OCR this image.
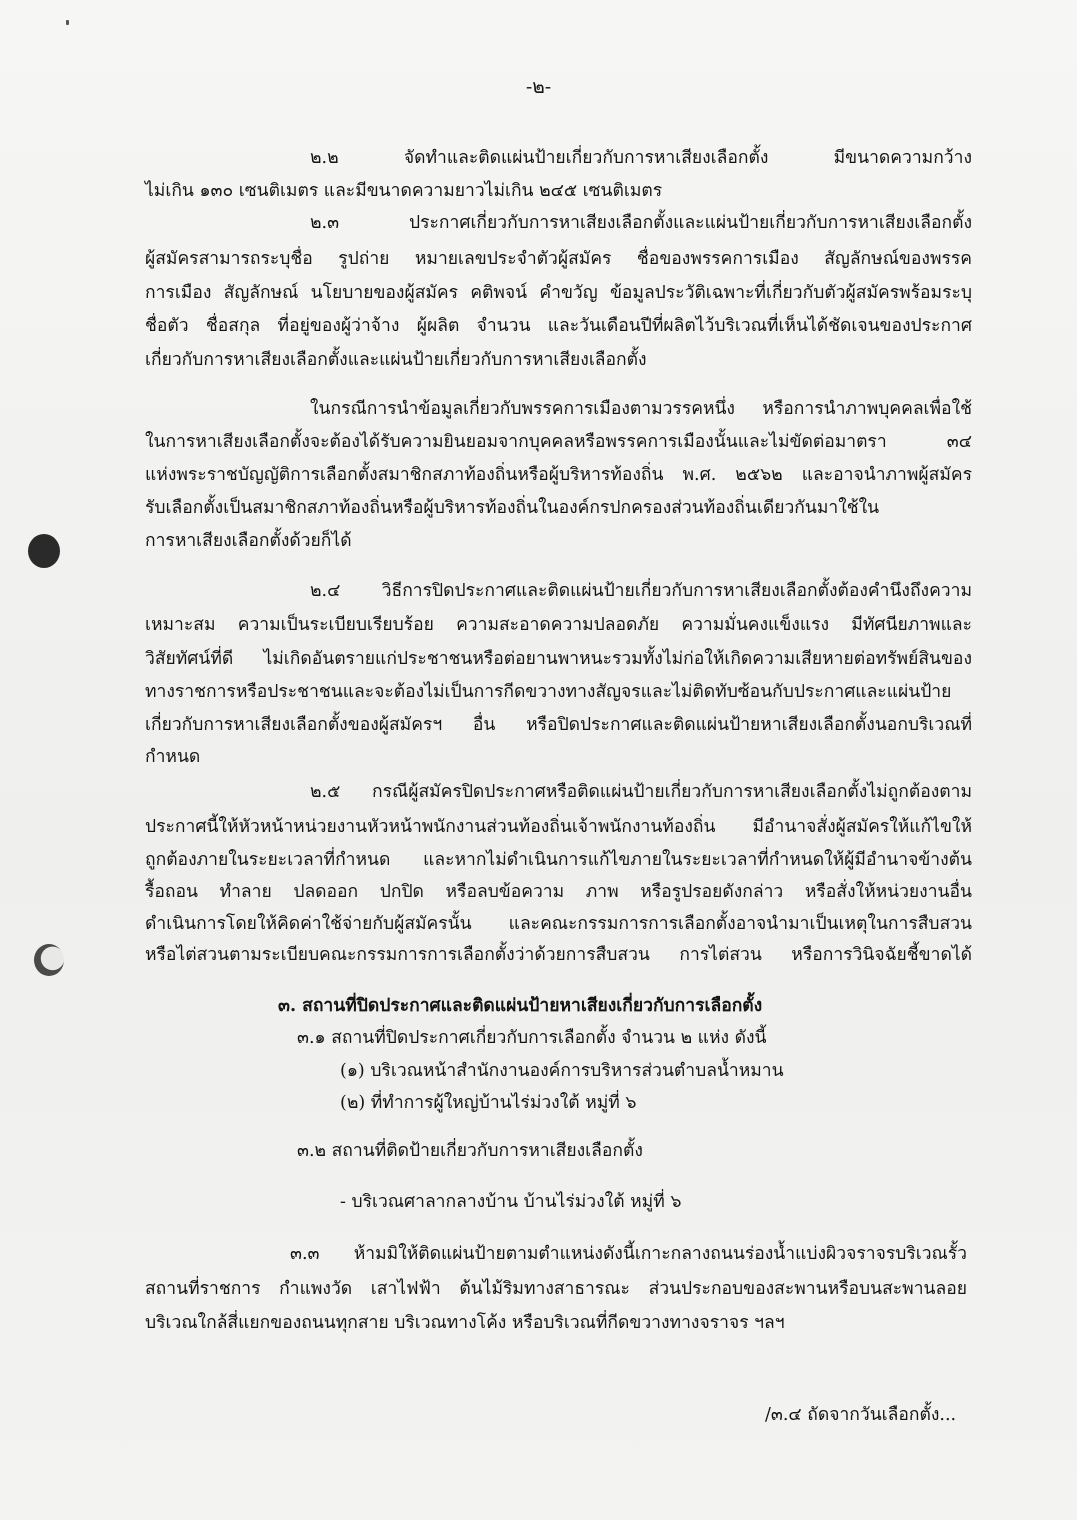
-๒-
๒.๒ จัดทำและติดแผ่นป้ายเกี่ยวกับการหาเสียงเลือกตั้ง มีขนาดความกว้าง
ไม่เกิน ๑๓๐ เซนติเมตร และมีขนาดความยาวไม่เกิน ๒๔๕ เซนติเมตร
๒.๓ ประกาศเกี่ยวกับการหาเสียงเลือกตั้งและแผ่นป้ายเกี่ยวกับการหาเสียงเลือกตั้ง
ผู้สมัครสามารถระบุชื่อ รูปถ่าย หมายเลขประจำตัวผู้สมัคร ชื่อของพรรคการเมือง สัญลักษณ์ของพรรค
การเมือง สัญลักษณ์ นโยบายของผู้สมัคร คติพจน์ คำขวัญ ข้อมูลประวัติเฉพาะที่เกี่ยวกับตัวผู้สมัครพร้อมระบุ
ชื่อตัว ชื่อสกุล ที่อยู่ของผู้ว่าจ้าง ผู้ผลิต จำนวน และวันเดือนปีที่ผลิตไว้บริเวณที่เห็นได้ชัดเจนของประกาศ
เกี่ยวกับการหาเสียงเลือกตั้งและแผ่นป้ายเกี่ยวกับการหาเสียงเลือกตั้ง
ในกรณีการนำข้อมูลเกี่ยวกับพรรคการเมืองตามวรรคหนึ่ง หรือการนำภาพบุคคลเพื่อใช้
ในการหาเสียงเลือกตั้งจะต้องได้รับความยินยอมจากบุคคลหรือพรรคการเมืองนั้นและไม่ขัดต่อมาตรา ๓๔
แห่งพระราชบัญญัติการเลือกตั้งสมาชิกสภาท้องถิ่นหรือผู้บริหารท้องถิ่น พ.ศ. ๒๕๖๒ และอาจนำภาพผู้สมัคร
รับเลือกตั้งเป็นสมาชิกสภาท้องถิ่นหรือผู้บริหารท้องถิ่นในองค์กรปกครองส่วนท้องถิ่นเดียวกันมาใช้ใน
การหาเสียงเลือกตั้งด้วยก็ได้
๒.๔ วิธีการปิดประกาศและติดแผ่นป้ายเกี่ยวกับการหาเสียงเลือกตั้งต้องคำนึงถึงความ
เหมาะสม ความเป็นระเบียบเรียบร้อย ความสะอาดความปลอดภัย ความมั่นคงแข็งแรง มีทัศนียภาพและ
วิสัยทัศน์ที่ดี ไม่เกิดอันตรายแก่ประชาชนหรือต่อยานพาหนะรวมทั้งไม่ก่อให้เกิดความเสียหายต่อทรัพย์สินของ
ทางราชการหรือประชาชนและจะต้องไม่เป็นการกีดขวางทางสัญจรและไม่ติดทับซ้อนกับประกาศและแผ่นป้าย
เกี่ยวกับการหาเสียงเลือกตั้งของผู้สมัครฯ อื่น หรือปิดประกาศและติดแผ่นป้ายหาเสียงเลือกตั้งนอกบริเวณที่
กำหนด
๒.๕ กรณีผู้สมัครปิดประกาศหรือติดแผ่นป้ายเกี่ยวกับการหาเสียงเลือกตั้งไม่ถูกต้องตาม
ประกาศนี้ให้หัวหน้าหน่วยงานหัวหน้าพนักงานส่วนท้องถิ่นเจ้าพนักงานท้องถิ่น มีอำนาจสั่งผู้สมัครให้แก้ไขให้
ถูกต้องภายในระยะเวลาที่กำหนด และหากไม่ดำเนินการแก้ไขภายในระยะเวลาที่กำหนดให้ผู้มีอำนาจข้างต้น
รื้อถอน ทำลาย ปลดออก ปกปิด หรือลบข้อความ ภาพ หรือรูปรอยดังกล่าว หรือสั่งให้หน่วยงานอื่น
ดำเนินการโดยให้คิดค่าใช้จ่ายกับผู้สมัครนั้น และคณะกรรมการการเลือกตั้งอาจนำมาเป็นเหตุในการสืบสวน
หรือไต่สวนตามระเบียบคณะกรรมการการเลือกตั้งว่าด้วยการสืบสวน การไต่สวน หรือการวินิจฉัยชี้ขาดได้
๓. สถานที่ปิดประกาศและติดแผ่นป้ายหาเสียงเกี่ยวกับการเลือกตั้ง
๓.๑ สถานที่ปิดประกาศเกี่ยวกับการเลือกตั้ง จำนวน ๒ แห่ง ดังนี้
(๑) บริเวณหน้าสำนักงานองค์การบริหารส่วนตำบลน้ำหมาน
(๒) ที่ทำการผู้ใหญ่บ้านไร่ม่วงใต้ หมู่ที่ ๖
๓.๒ สถานที่ติดป้ายเกี่ยวกับการหาเสียงเลือกตั้ง
- บริเวณศาลากลางบ้าน บ้านไร่ม่วงใต้ หมู่ที่ ๖
๓.๓ ห้ามมิให้ติดแผ่นป้ายตามตำแหน่งดังนี้เกาะกลางถนนร่องน้ำแบ่งผิวจราจรบริเวณรั้ว
สถานที่ราชการ กำแพงวัด เสาไฟฟ้า ต้นไม้ริมทางสาธารณะ ส่วนประกอบของสะพานหรือบนสะพานลอย
บริเวณใกล้สี่แยกของถนนทุกสาย บริเวณทางโค้ง หรือบริเวณที่กีดขวางทางจราจร ฯลฯ
/๓.๔ ถัดจากวันเลือกตั้ง...
